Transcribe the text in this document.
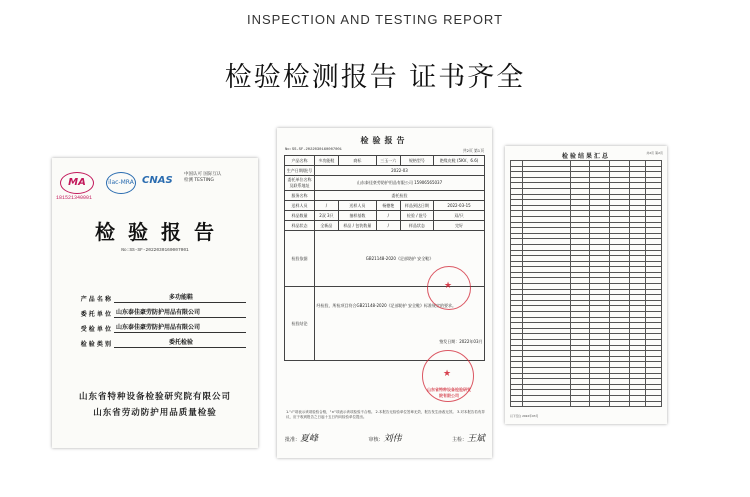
INSPECTION AND TESTING REPORT
检验检测报告 证书齐全
MA
181521340001
ilac-MRA CNAS
中国认可 国际互认 检测 TESTING
检验报告
No:SS-SF-2022030160007001
产 品 名 称	多功能鞋
委 托 单 位 山东泰佳豪劳防护用品有限公司
受 检 单 位 山东泰佳豪劳防护用品有限公司
检 验 类 别	委托检验
山东省特种设备检验研究院有限公司
山东省劳动防护用品质量检验
检验报告
No:SS-SF-2022030160007001	共2页 第1页
产品名称	多功能鞋	商标	三玉一六	规格型号	绝缘皮鞋 (5KV、6.6)
生产日期/批号	2022-03				
委托单位名称及联系地址	山东泰佳豪劳防护用品有限公司 15906565037				
服务名称	委托检验				
送样人员	/	送样人员	杨德艳	样品到达日期	2022-03-15
样品数量	2双 3只	抽样基数	/	检验 / 批号	双/只
样品状态	全新品	样品 / 包装数量	/	样品状态	完好
检验依据	GB21148-2020《足部防护 安全鞋》				
检验结论	经检验，所检项目符合GB21148-2020《足部防护 安全鞋》标准规定的要求。
签发日期：2022年03月				
1."√"项表示该项检验合格，"×"项表示该项检验不合格。 2.本报告无检验单位签章无效，报告发生涂改无效。 3.对本报告若有异议，应于收到报告之日起十五日内向检验单位提出。
批准：夏峰	审核：刘伟	主检：王斌
★
★
山东省特种设备检验研究院有限公司
检验结果汇总	共2页 第2页

以下空白 2022年03月
